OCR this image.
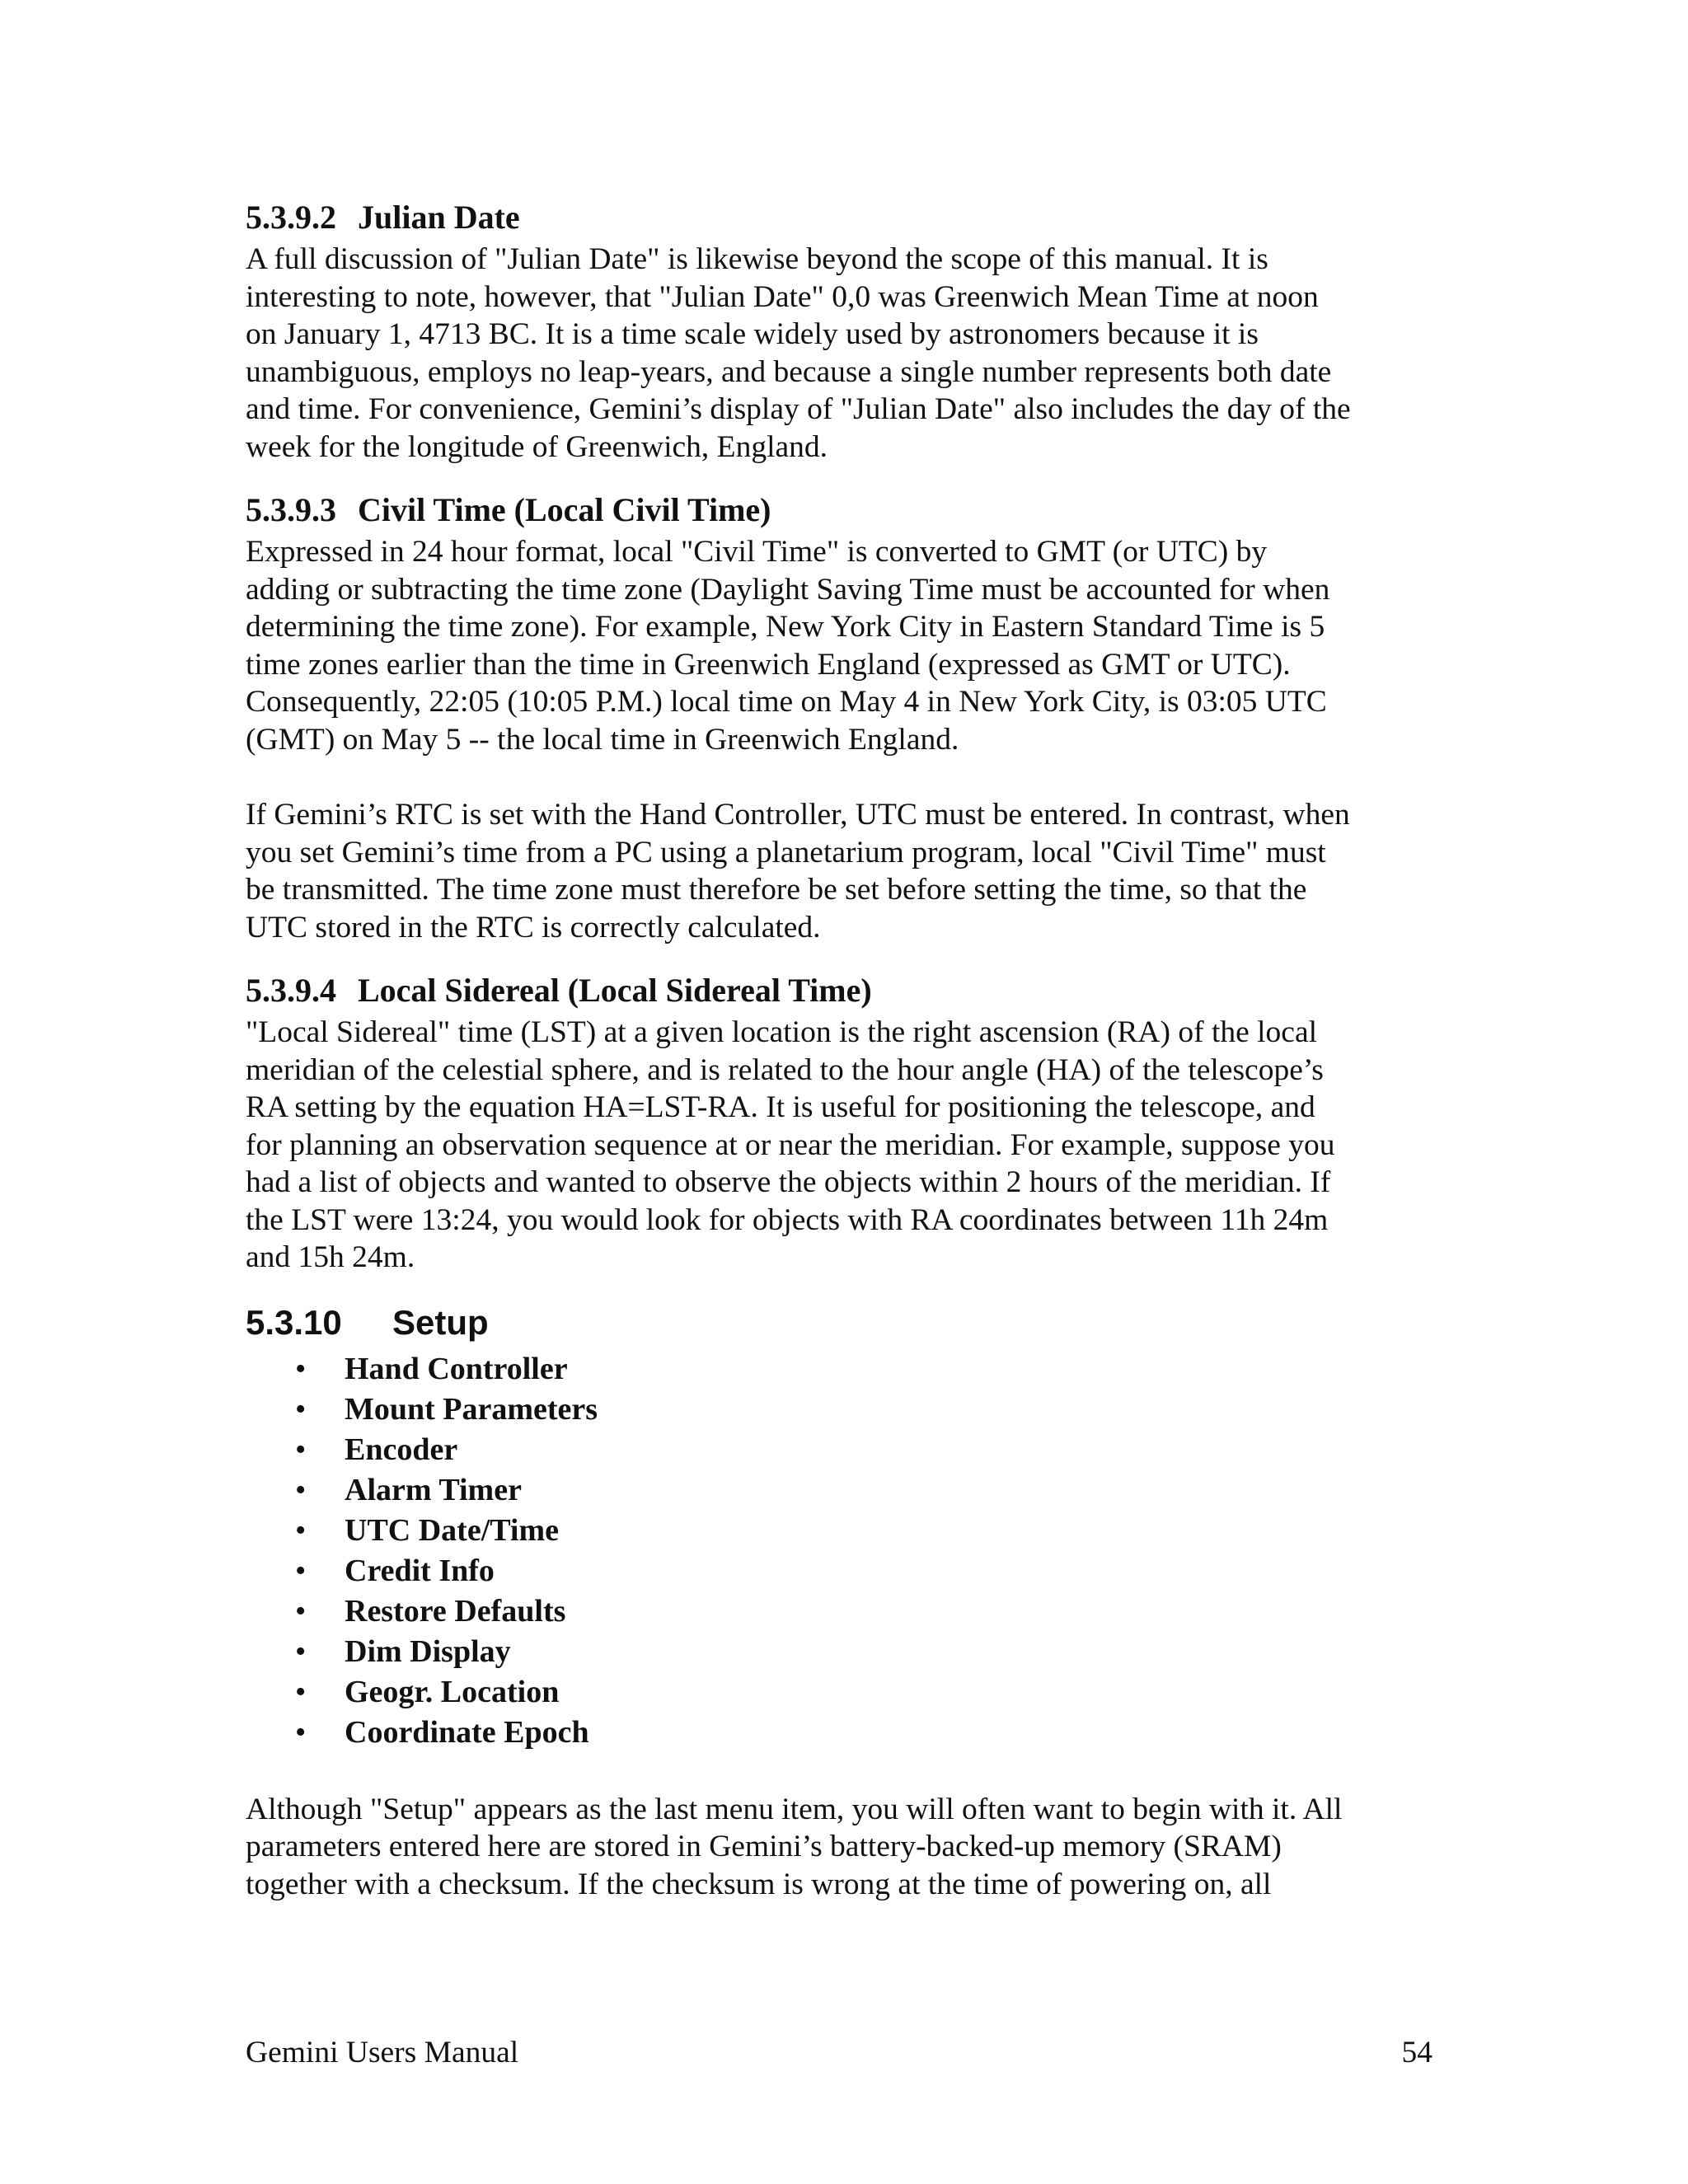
5.3.9.2 Julian Date

A full discussion of "Julian Date" is likewise beyond the scope of this manual. It is
interesting to note, however, that "Julian Date" 0,0 was Greenwich Mean Time at noon
on January 1, 4713 BC. It is a time scale widely used by astronomers because it is
unambiguous, employs no leap-years, and because a single number represents both date
and time. For convenience, Gemini’s display of "Julian Date" also includes the day of the
week for the longitude of Greenwich, England.

5.3.9.3 Civil Time (Local Civil Time)

Expressed in 24 hour format, local "Civil Time" is converted to GMT (or UTC) by
adding or subtracting the time zone (Daylight Saving Time must be accounted for when
determining the time zone). For example, New York City in Eastern Standard Time is 5
time zones earlier than the time in Greenwich England (expressed as GMT or UTC).
Consequently, 22:05 (10:05 P.M.) local time on May 4 in New York City, is 03:05 UTC
(GMT) on May 5 -- the local time in Greenwich England.

If Gemini’s RTC is set with the Hand Controller, UTC must be entered. In contrast, when
you set Gemini’s time from a PC using a planetarium program, local "Civil Time" must
be transmitted. The time zone must therefore be set before setting the time, so that the
UTC stored in the RTC is correctly calculated.

5.3.9.4 Local Sidereal (Local Sidereal Time)

"Local Sidereal" time (LST) at a given location is the right ascension (RA) of the local
meridian of the celestial sphere, and is related to the hour angle (HA) of the telescope’s
RA setting by the equation HA=LST-RA. It is useful for positioning the telescope, and
for planning an observation sequence at or near the meridian. For example, suppose you
had a list of objects and wanted to observe the objects within 2 hours of the meridian. If
the LST were 13:24, you would look for objects with RA coordinates between 11h 24m
and 15h 24m.

5.3.10 Setup
• Hand Controller
• Mount Parameters
• Encoder
• Alarm Timer
• UTC Date/Time
• Credit Info
• Restore Defaults
• Dim Display
• Geogr. Location
• Coordinate Epoch

Although "Setup" appears as the last menu item, you will often want to begin with it. All
parameters entered here are stored in Gemini’s battery-backed-up memory (SRAM)
together with a checksum. If the checksum is wrong at the time of powering on, all

Gemini Users Manual	54
